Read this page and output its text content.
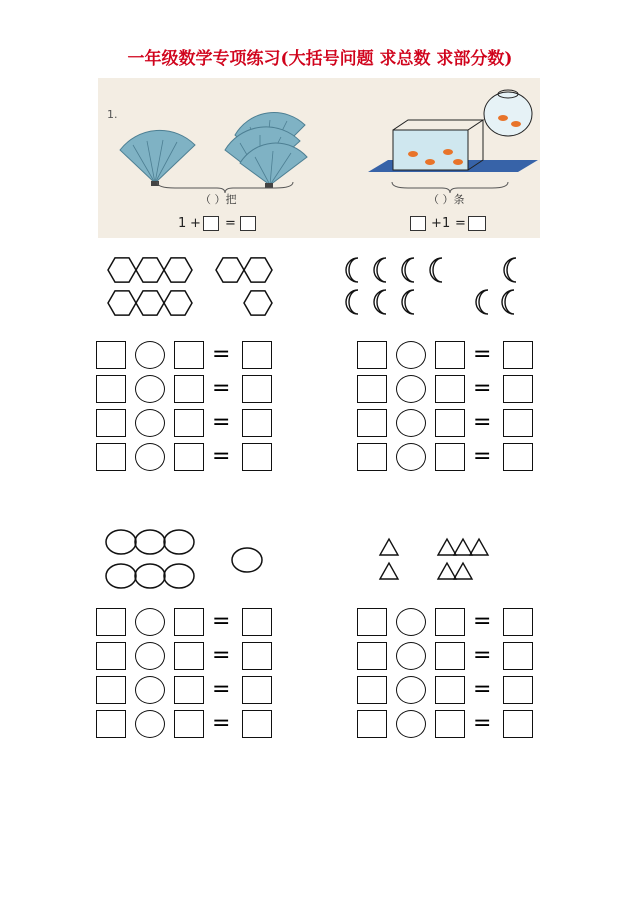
一年级数学专项练习(大括号问题 求总数 求部分数)
1.
（ ）把
1 + =
（ ）条
+ 1 =
=
=
=
=
=
=
=
=
=
=
=
=
=
=
=
=
